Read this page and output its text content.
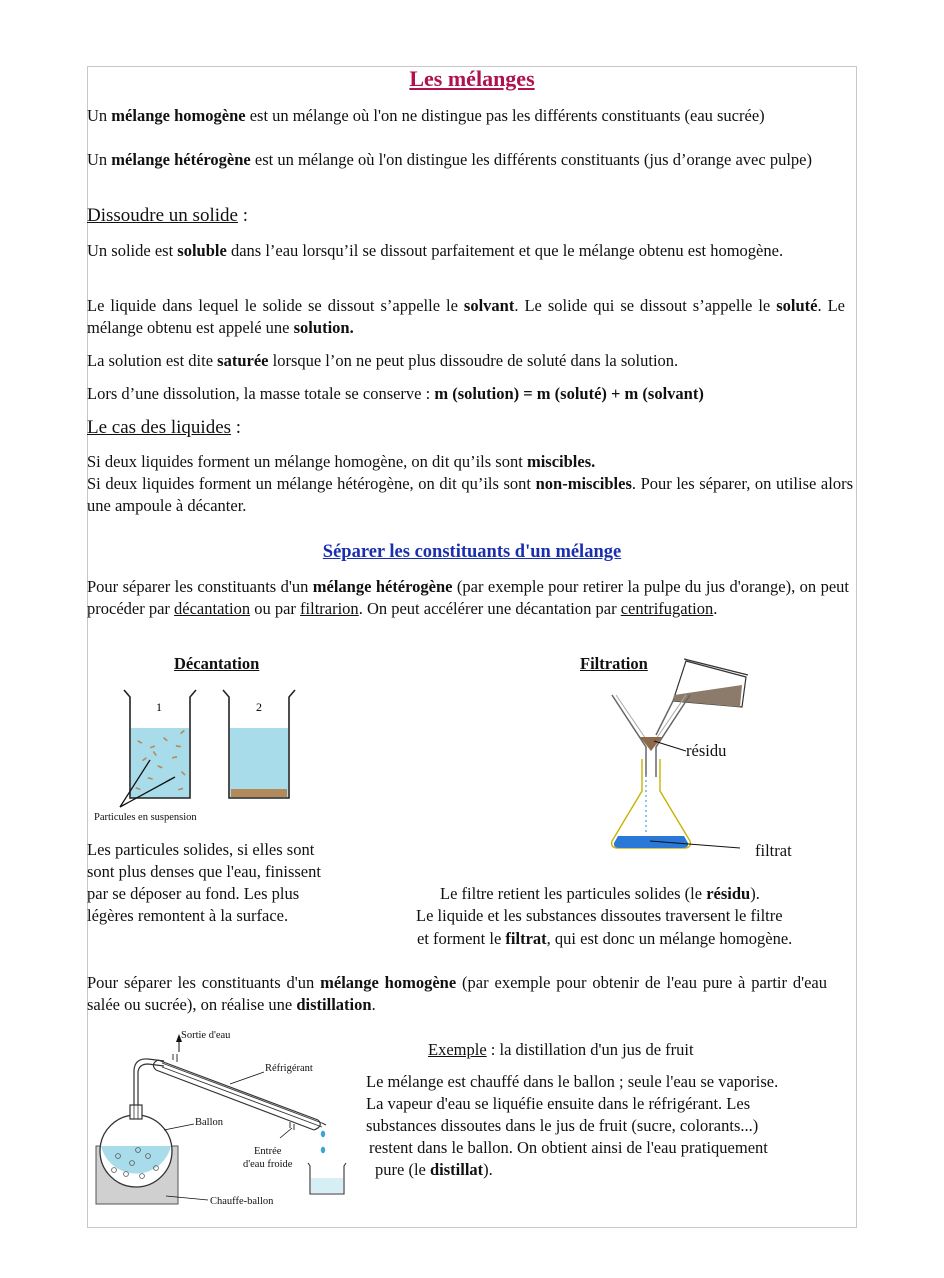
Les mélanges
Un mélange homogène est un mélange où l'on ne distingue pas les différents constituants (eau sucrée)
Un mélange hétérogène est un mélange où l'on distingue les différents constituants (jus d’orange avec pulpe)
Dissoudre un solide :
Un solide est soluble dans l’eau lorsqu’il se dissout parfaitement et que le mélange obtenu est homogène.
Le liquide dans lequel le solide se dissout s’appelle le solvant. Le solide qui se dissout s’appelle le soluté. Le mélange obtenu est appelé une solution.
La solution est dite saturée lorsque l’on ne peut plus dissoudre de soluté dans la solution.
Lors d’une dissolution, la masse totale se conserve : m (solution) = m (soluté) + m (solvant)
Le cas des liquides :
Si deux liquides forment un mélange homogène, on dit qu’ils sont miscibles.
Si deux liquides forment un mélange hétérogène, on dit qu’ils sont non-miscibles. Pour les séparer, on utilise alors une ampoule à décanter.
Séparer les constituants d'un mélange
Pour séparer les constituants d'un mélange hétérogène (par exemple pour retirer la pulpe du jus d'orange), on peut procéder par décantation ou par filtrarion. On peut accélérer une décantation par centrifugation.
Décantation
1	2
Particules en suspension
Les particules solides, si elles sont
sont plus denses que l'eau, finissent
par se déposer au fond. Les plus
légères remontent à la surface.
Filtration
résidu
filtrat
Le filtre retient les particules solides (le résidu).
Le liquide et les substances dissoutes traversent le filtre
et forment le filtrat, qui est donc un mélange homogène.
Pour séparer les constituants d'un mélange homogène (par exemple pour obtenir de l'eau pure à partir d'eau salée ou sucrée), on réalise une distillation.
Sortie d'eau
Réfrigérant
Ballon
Entrée
d'eau froide
Chauffe-ballon
Exemple : la distillation d'un jus de fruit
Le mélange est chauffé dans le ballon ; seule l'eau se vaporise.
La vapeur d'eau se liquéfie ensuite dans le réfrigérant. Les
substances dissoutes dans le jus de fruit (sucre, colorants...)
restent dans le ballon. On obtient ainsi de l'eau pratiquement
pure (le distillat).
